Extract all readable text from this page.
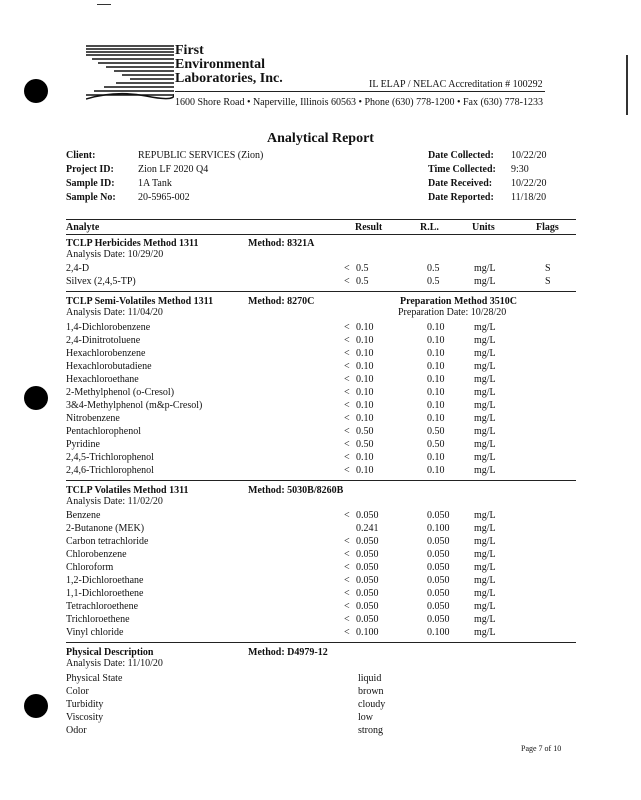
First
Environmental
Laboratories, Inc.	IL ELAP / NELAC Accreditation # 100292
1600 Shore Road • Naperville, Illinois 60563 • Phone (630) 778-1200 • Fax (630) 778-1233
Analytical Report
Client:	REPUBLIC SERVICES (Zion)
Project ID: Zion LF 2020 Q4
Sample ID: 1A Tank
Sample No: 20-5965-002
Date Collected: 10/22/20
Time Collected: 9:30
Date Received: 10/22/20
Date Reported: 11/18/20
Analyte	Result	R.L.	Units	Flags
TCLP Herbicides Method 1311	Method: 8321A
Analysis Date: 10/29/20
2,4-D	< 0.5	0.5	mg/L	S
Silvex (2,4,5-TP)	< 0.5	0.5	mg/L	S
TCLP Semi-Volatiles Method 1311	Method: 8270C	Preparation Method 3510C
Analysis Date: 11/04/20	Preparation Date: 10/28/20
1,4-Dichlorobenzene	< 0.10	0.10	mg/L
2,4-Dinitrotoluene	< 0.10	0.10	mg/L
Hexachlorobenzene	< 0.10	0.10	mg/L
Hexachlorobutadiene	< 0.10	0.10	mg/L
Hexachloroethane	< 0.10	0.10	mg/L
2-Methylphenol (o-Cresol)	< 0.10	0.10	mg/L
3&4-Methylphenol (m&p-Cresol)	< 0.10	0.10	mg/L
Nitrobenzene	< 0.10	0.10	mg/L
Pentachlorophenol	< 0.50	0.50	mg/L
Pyridine	< 0.50	0.50	mg/L
2,4,5-Trichlorophenol	< 0.10	0.10	mg/L
2,4,6-Trichlorophenol	< 0.10	0.10	mg/L
TCLP Volatiles Method 1311	Method: 5030B/8260B
Analysis Date: 11/02/20
Benzene	< 0.050	0.050 mg/L
2-Butanone (MEK)	0.241	0.100 mg/L
Carbon tetrachloride	< 0.050	0.050 mg/L
Chlorobenzene	< 0.050	0.050 mg/L
Chloroform	< 0.050	0.050 mg/L
1,2-Dichloroethane	< 0.050	0.050 mg/L
1,1-Dichloroethene	< 0.050	0.050 mg/L
Tetrachloroethene	< 0.050	0.050 mg/L
Trichloroethene	< 0.050	0.050 mg/L
Vinyl chloride	< 0.100	0.100 mg/L
Physical Description	Method: D4979-12
Analysis Date: 11/10/20
Physical State	liquid
Color	brown
Turbidity	cloudy
Viscosity	low
Odor	strong
Page 7 of 10
